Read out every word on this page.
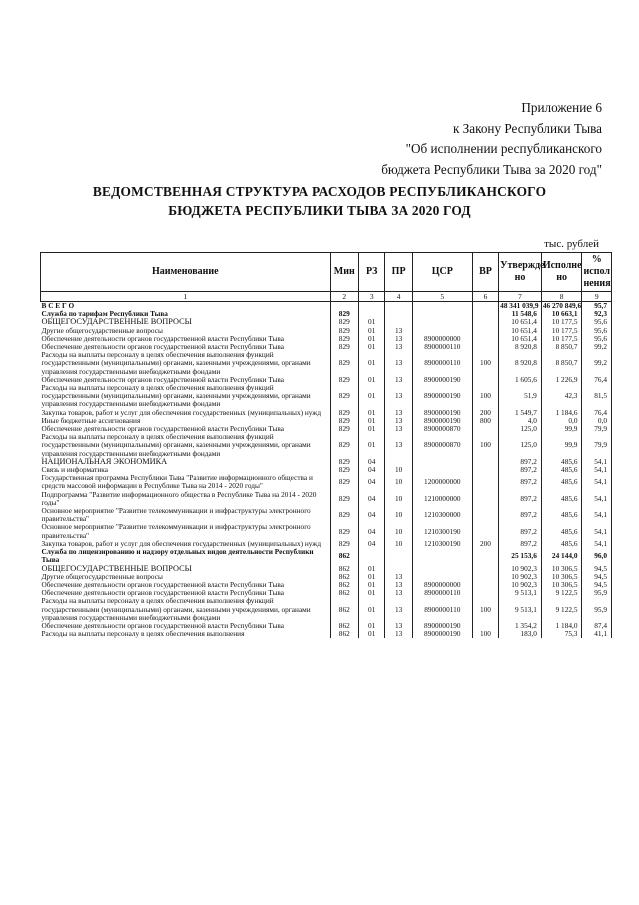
Приложение 6
к Закону Республики Тыва
"Об исполнении республиканского
бюджета Республики Тыва за 2020 год"
ВЕДОМСТВЕННАЯ СТРУКТУРА РАСХОДОВ РЕСПУБЛИКАНСКОГО
БЮДЖЕТА РЕСПУБЛИКИ ТЫВА ЗА 2020 ГОД
тыс. рублей
Наименование	Мин	РЗ	ПР	ЦСР	ВР	Утвержде но	Исполне но	% испол нения
1	2	3	4	5	6	7	8	9
В С Е Г О						48 341 039,9	46 270 849,6	95,7
Служба по тарифам Республики Тыва	829					11 548,6	10 663,1	92,3
ОБЩЕГОСУДАРСТВЕННЫЕ ВОПРОСЫ	829	01				10 651,4	10 177,5	95,6
Другие общегосударственные вопросы	829	01	13			10 651,4	10 177,5	95,6
Обеспечение деятельности органов государственной власти Республики Тыва	829	01	13	8900000000		10 651,4	10 177,5	95,6
Обеспечение деятельности органов государственной власти Республики Тыва	829	01	13	8900000110		8 920,8	8 850,7	99,2
Расходы на выплаты персоналу в целях обеспечения выполнения функций государственными (муниципальными) органами, казенными учреждениями, органами управления государственными внебюджетными фондами	829	01	13	8900000110	100	8 920,8	8 850,7	99,2
Обеспечение деятельности органов государственной власти Республики Тыва	829	01	13	8900000190		1 605,6	1 226,9	76,4
Расходы на выплаты персоналу в целях обеспечения выполнения функций государственными (муниципальными) органами, казенными учреждениями, органами управления государственными внебюджетными фондами	829	01	13	8900000190	100	51,9	42,3	81,5
Закупка товаров, работ и услуг для обеспечения государственных (муниципальных) нужд	829	01	13	8900000190	200	1 549,7	1 184,6	76,4
Иные бюджетные ассигнования	829	01	13	8900000190	800	4,0	0,0	0,0
Обеспечение деятельности органов государственной власти Республики Тыва	829	01	13	8900000870		125,0	99,9	79,9
Расходы на выплаты персоналу в целях обеспечения выполнения функций государственными (муниципальными) органами, казенными учреждениями, органами управления государственными внебюджетными фондами	829	01	13	8900000870	100	125,0	99,9	79,9
НАЦИОНАЛЬНАЯ ЭКОНОМИКА	829	04				897,2	485,6	54,1
Связь и информатика	829	04	10			897,2	485,6	54,1
Государственная программа Республики Тыва "Развитие информационного общества и средств массовой информации в Республике Тыва на 2014 - 2020 годы"	829	04	10	1200000000		897,2	485,6	54,1
Подпрограмма "Развитие информационного общества в Республике Тыва на 2014 - 2020 годы"	829	04	10	1210000000		897,2	485,6	54,1
Основное мероприятие "Развитие телекоммуникации и инфраструктуры электронного правительства"	829	04	10	1210300000		897,2	485,6	54,1
Основное мероприятие "Развитие телекоммуникации и инфраструктуры электронного правительства"	829	04	10	1210300190		897,2	485,6	54,1
Закупка товаров, работ и услуг для обеспечения государственных (муниципальных) нужд	829	04	10	1210300190	200	897,2	485,6	54,1
Служба по лицензированию и надзору отдельных видов деятельности Республики Тыва	862					25 153,6	24 144,0	96,0
ОБЩЕГОСУДАРСТВЕННЫЕ ВОПРОСЫ	862	01				10 902,3	10 306,5	94,5
Другие общегосударственные вопросы	862	01	13			10 902,3	10 306,5	94,5
Обеспечение деятельности органов государственной власти Республики Тыва	862	01	13	8900000000		10 902,3	10 306,5	94,5
Обеспечение деятельности органов государственной власти Республики Тыва	862	01	13	8900000110		9 513,1	9 122,5	95,9
Расходы на выплаты персоналу в целях обеспечения выполнения функций государственными (муниципальными) органами, казенными учреждениями, органами управления государственными внебюджетными фондами	862	01	13	8900000110	100	9 513,1	9 122,5	95,9
Обеспечение деятельности органов государственной власти Республики Тыва	862	01	13	8900000190		1 354,2	1 184,0	87,4
Расходы на выплаты персоналу в целях обеспечения выполнения	862	01	13	8900000190	100	183,0	75,3	41,1
